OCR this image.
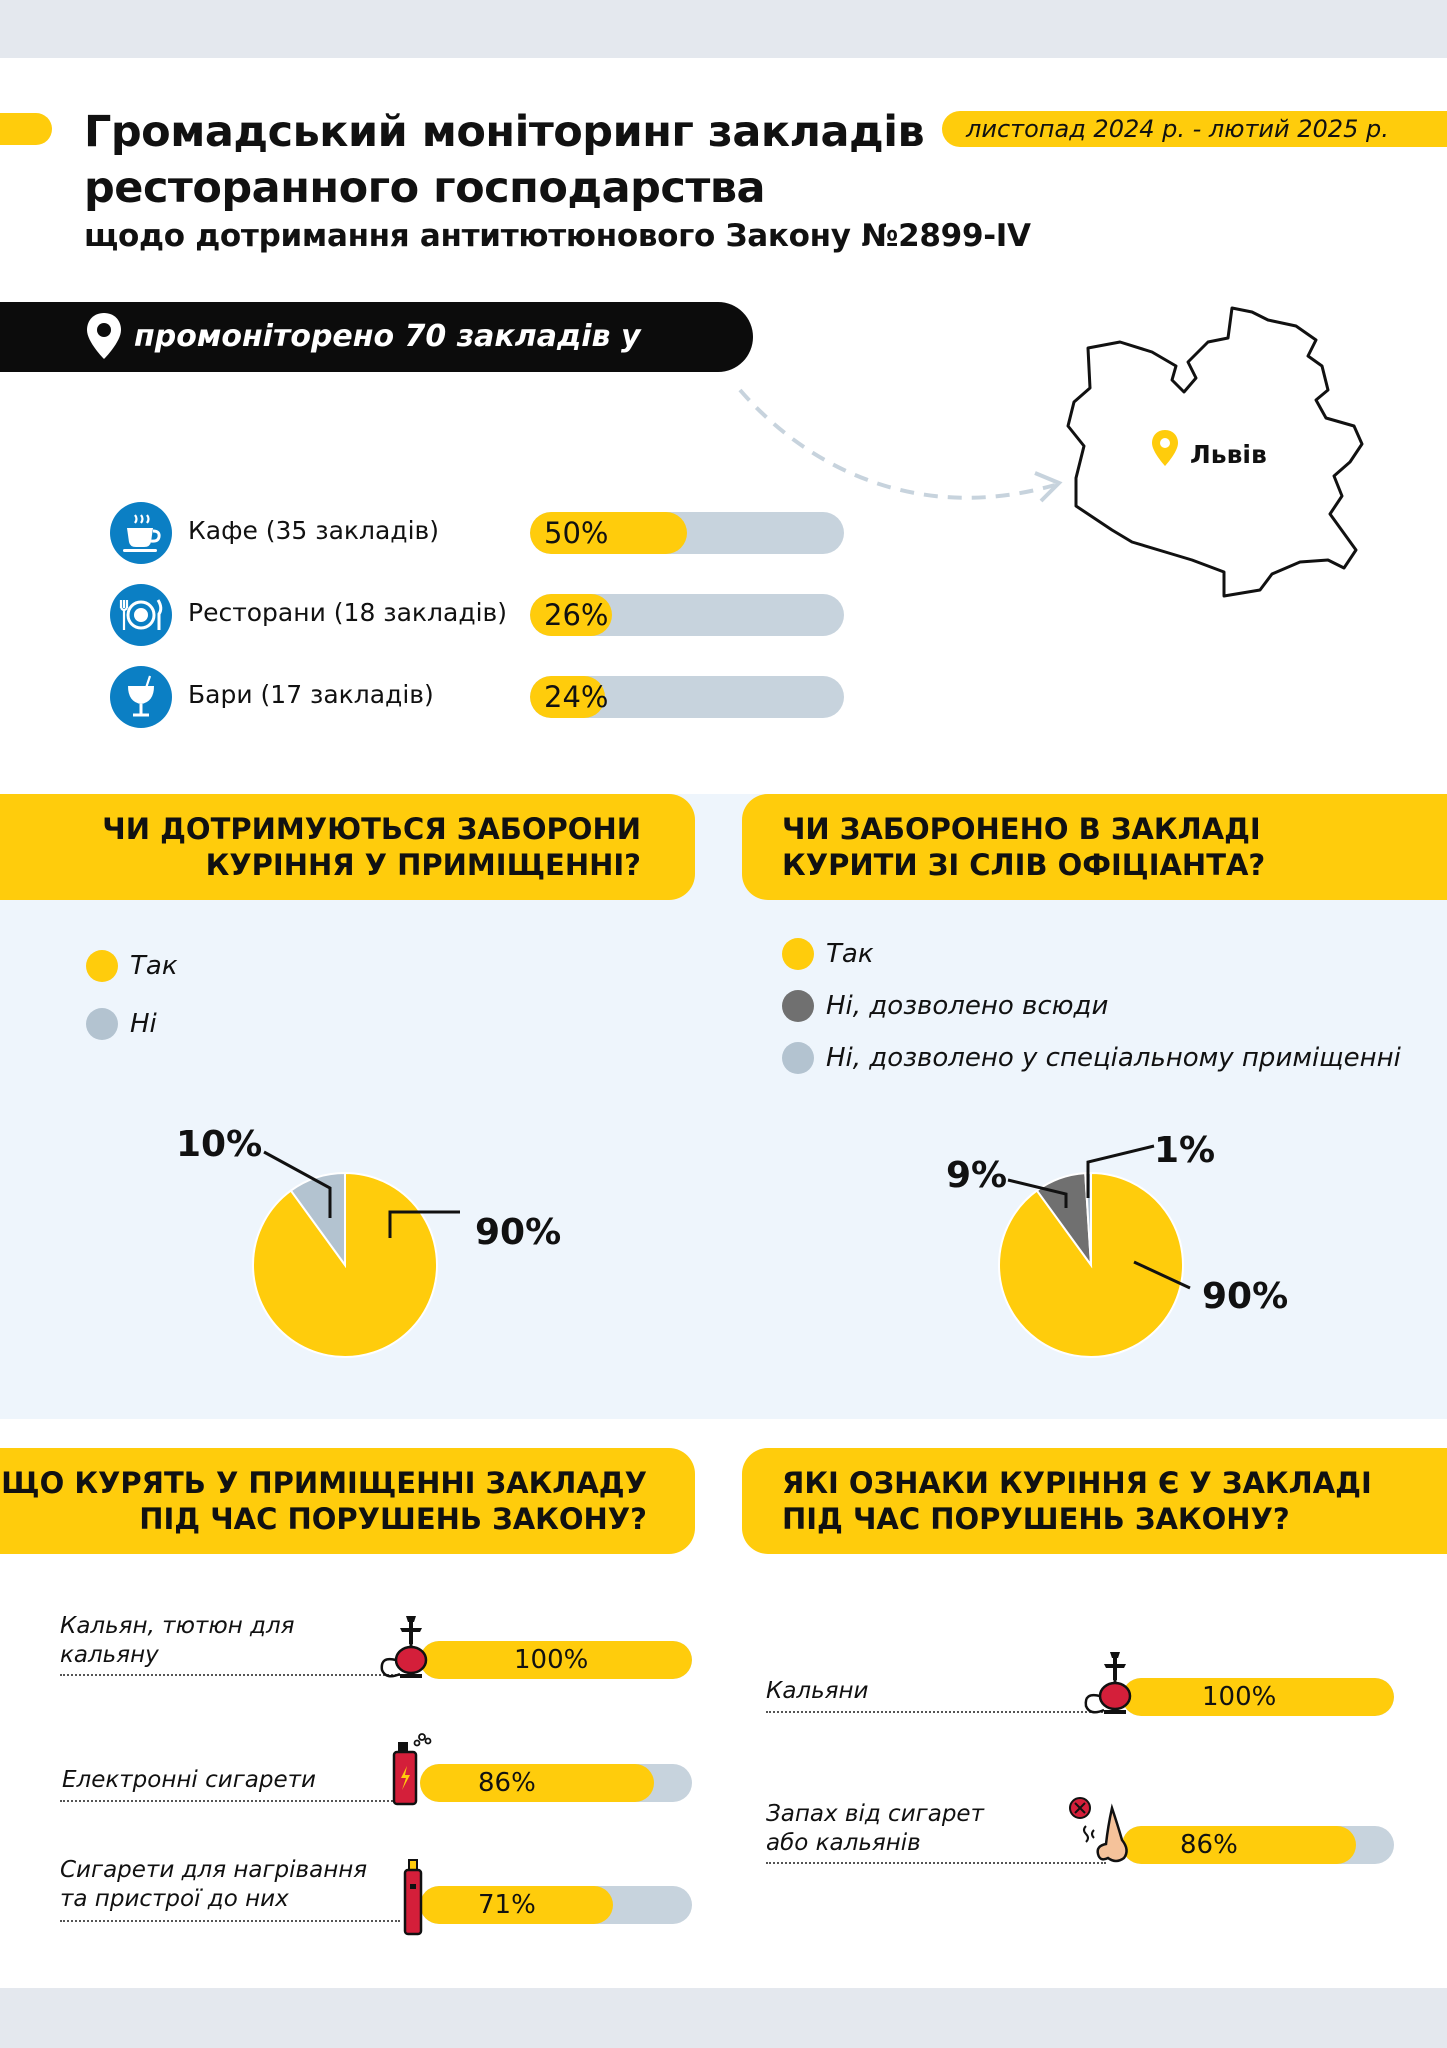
Громадський моніторинг закладів
ресторанного господарства
щодо дотримання антитютюнового Закону №2899-IV
листопад 2024 р. - лютий 2025 р.
промоніторено 70 закладів у Львові
Львів
Кафе (35 закладів)	50%
Ресторани (18 закладів) 26%
Бари (17 закладів)	24%
ЧИ ДОТРИМУЮТЬСЯ ЗАБОРОНИ
КУРІННЯ У ПРИМІЩЕННІ?
ЧИ ЗАБОРОНЕНО В ЗАКЛАДІ
КУРИТИ ЗІ СЛІВ ОФІЦІАНТА?
Так
Ні
10%
90%
Так
Ні, дозволено всюди
Ні, дозволено у спеціальному приміщенні
9%
1%
90%
ЩО КУРЯТЬ У ПРИМІЩЕННІ ЗАКЛАДУ
ПІД ЧАС ПОРУШЕНЬ ЗАКОНУ?
ЯКІ ОЗНАКИ КУРІННЯ Є У ЗАКЛАДІ
ПІД ЧАС ПОРУШЕНЬ ЗАКОНУ?
Кальян, тютюн для
кальяну	100%
Електронні сигарети	86%
Сигарети для нагрівання
та пристрої до них	71%
Кальяни	100%
Запах від сигарет
або кальянів	86%
